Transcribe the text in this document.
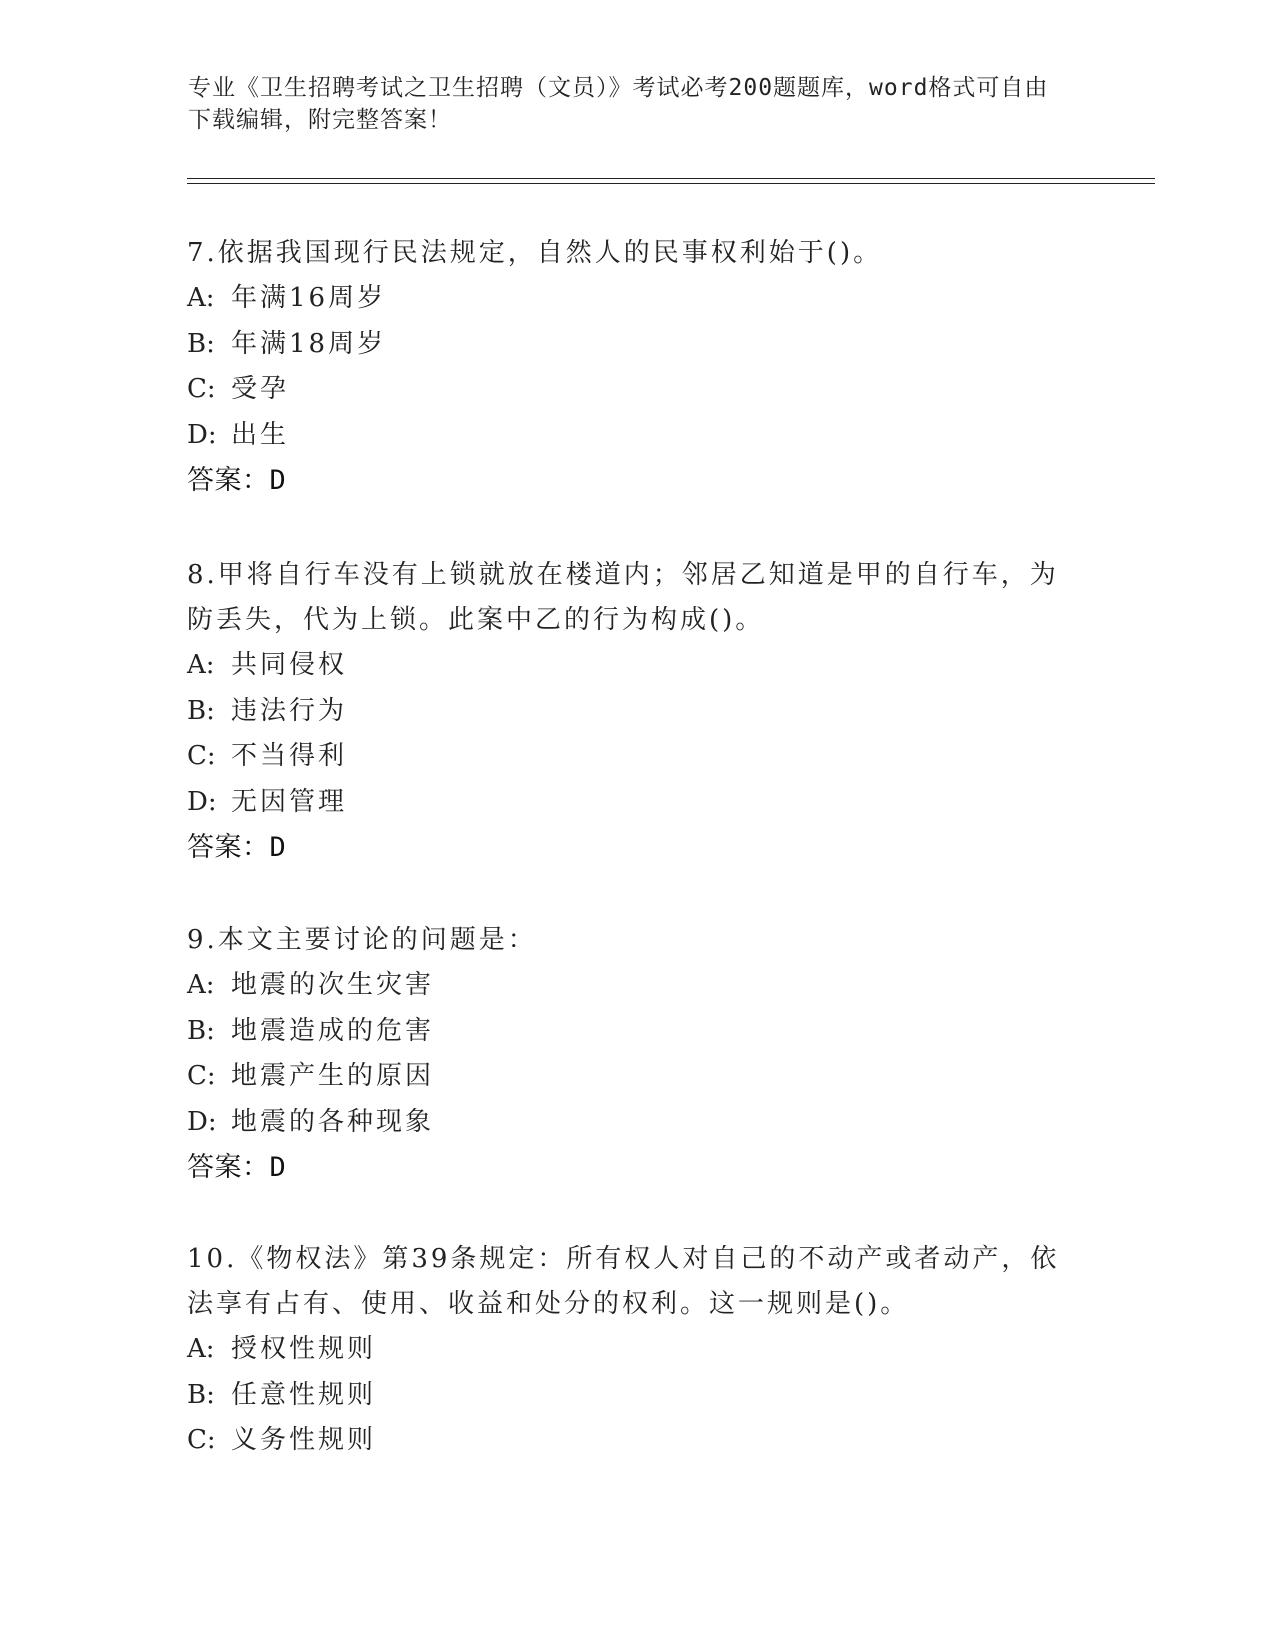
专业《卫生招聘考试之卫生招聘（文员）》考试必考200题题库，word格式可自由下载编辑，附完整答案！

7.依据我国现行民法规定，自然人的民事权利始于()。

A: 年满16周岁

B: 年满18周岁

C: 受孕

D: 出生

答案：D

8.甲将自行车没有上锁就放在楼道内；邻居乙知道是甲的自行车，为防丢失，代为上锁。此案中乙的行为构成()。

A: 共同侵权

B: 违法行为

C: 不当得利

D: 无因管理

答案：D

9.本文主要讨论的问题是：

A: 地震的次生灾害

B: 地震造成的危害

C: 地震产生的原因

D: 地震的各种现象

答案：D

10.《物权法》第39条规定：所有权人对自己的不动产或者动产，依法享有占有、使用、收益和处分的权利。这一规则是()。

A: 授权性规则

B: 任意性规则

C: 义务性规则
